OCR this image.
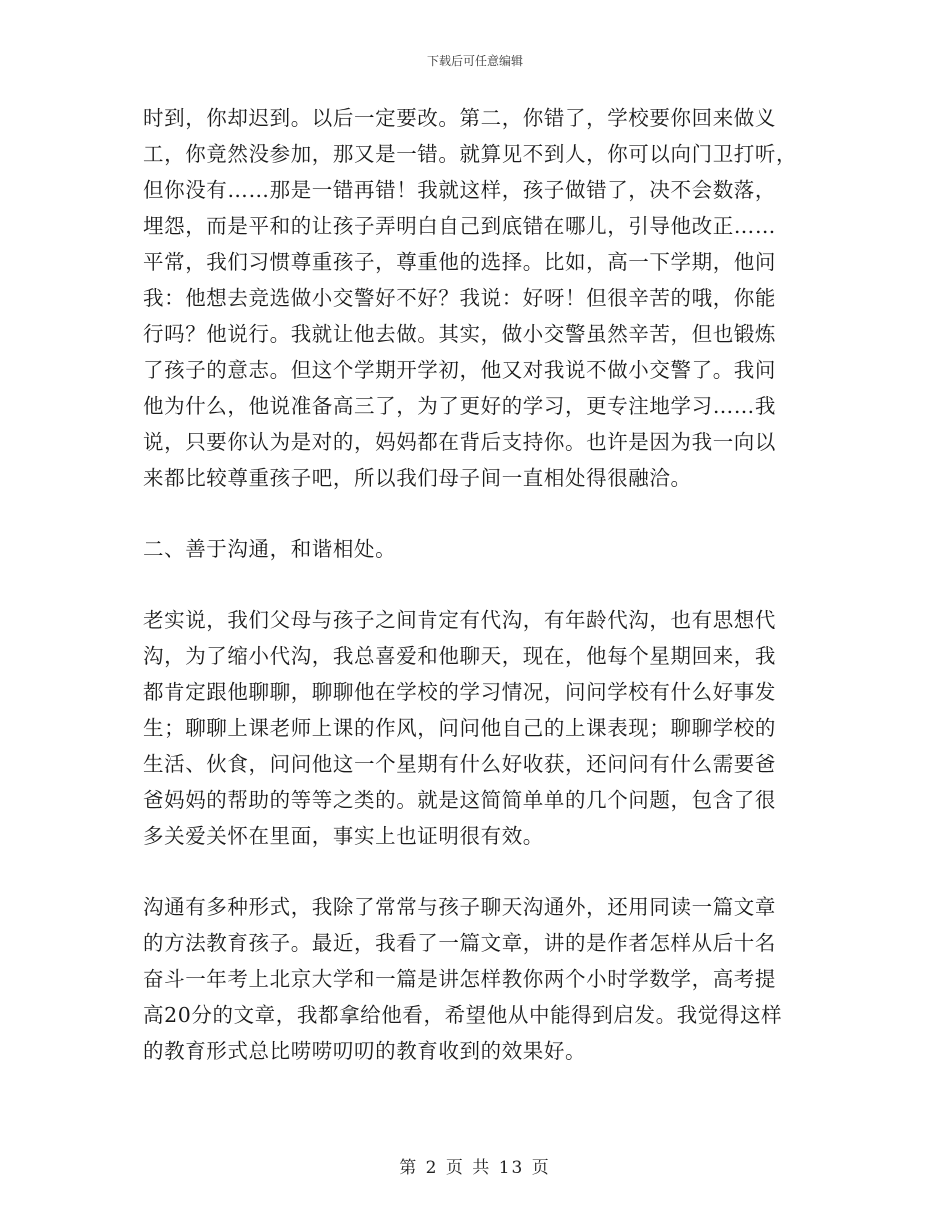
下载后可任意编辑
时到，你却迟到。以后一定要改。第二，你错了，学校要你回来做义
工，你竟然没参加，那又是一错。就算见不到人，你可以向门卫打听，
但你没有……那是一错再错！我就这样，孩子做错了，决不会数落，
埋怨，而是平和的让孩子弄明白自己到底错在哪儿，引导他改正……
平常，我们习惯尊重孩子，尊重他的选择。比如，高一下学期，他问
我：他想去竞选做小交警好不好？我说：好呀！但很辛苦的哦，你能
行吗？他说行。我就让他去做。其实，做小交警虽然辛苦，但也锻炼
了孩子的意志。但这个学期开学初，他又对我说不做小交警了。我问
他为什么，他说准备高三了，为了更好的学习，更专注地学习……我
说，只要你认为是对的，妈妈都在背后支持你。也许是因为我一向以
来都比较尊重孩子吧，所以我们母子间一直相处得很融洽。
二、善于沟通，和谐相处。
老实说，我们父母与孩子之间肯定有代沟，有年龄代沟，也有思想代
沟，为了缩小代沟，我总喜爱和他聊天，现在，他每个星期回来，我
都肯定跟他聊聊，聊聊他在学校的学习情况，问问学校有什么好事发
生；聊聊上课老师上课的作风，问问他自己的上课表现；聊聊学校的
生活、伙食，问问他这一个星期有什么好收获，还问问有什么需要爸
爸妈妈的帮助的等等之类的。就是这简简单单的几个问题，包含了很
多关爱关怀在里面，事实上也证明很有效。
沟通有多种形式，我除了常常与孩子聊天沟通外，还用同读一篇文章
的方法教育孩子。最近，我看了一篇文章，讲的是作者怎样从后十名
奋斗一年考上北京大学和一篇是讲怎样教你两个小时学数学，高考提
高20分的文章，我都拿给他看，希望他从中能得到启发。我觉得这样
的教育形式总比唠唠叨叨的教育收到的效果好。
第 2 页 共 13 页
